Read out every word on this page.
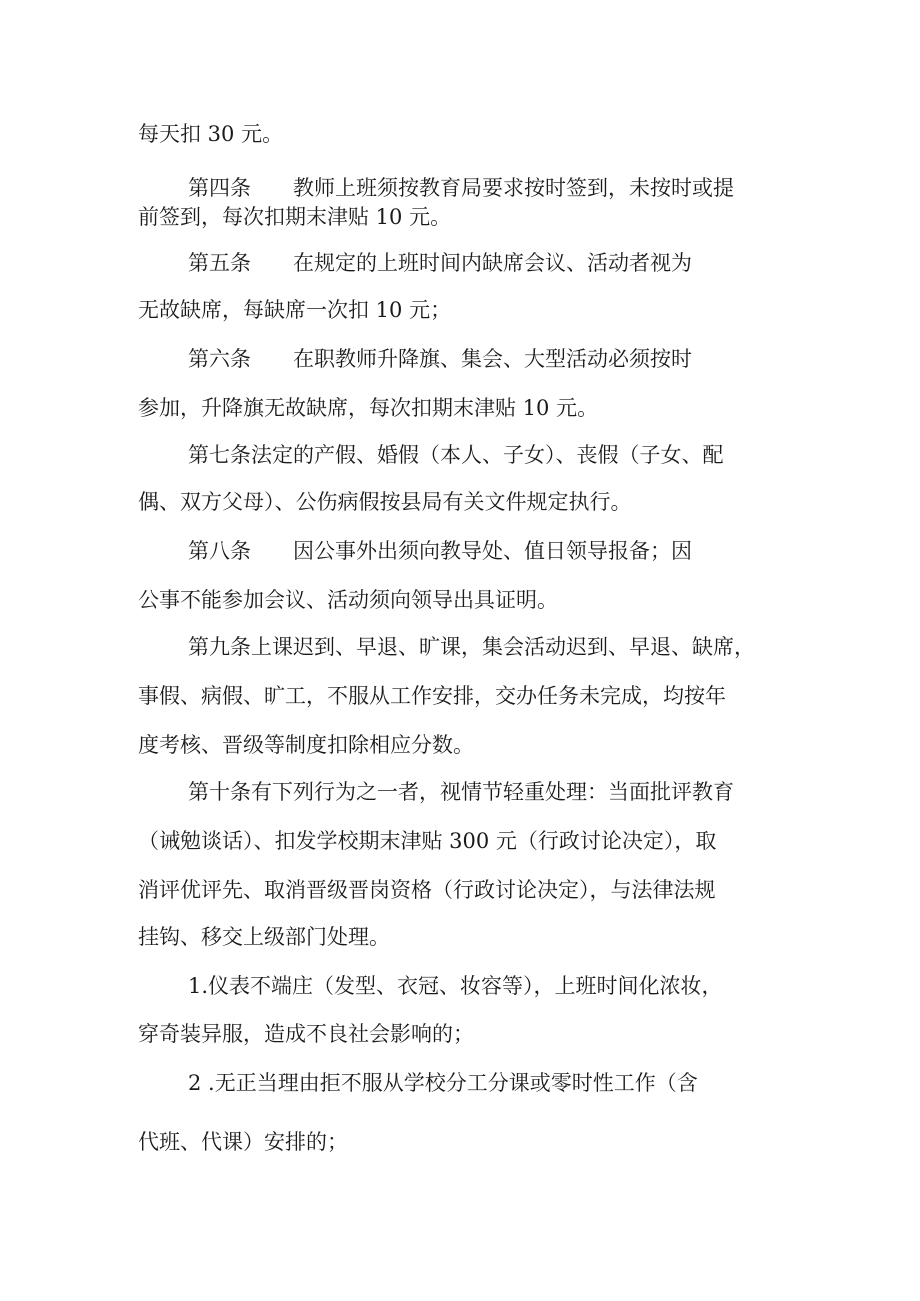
每天扣 30 元。
第四条　　教师上班须按教育局要求按时签到，未按时或提
前签到，每次扣期末津贴 10 元。
第五条　　在规定的上班时间内缺席会议、活动者视为
无故缺席，每缺席一次扣 10 元；
第六条　　在职教师升降旗、集会、大型活动必须按时
参加，升降旗无故缺席，每次扣期末津贴 10 元。
第七条法定的产假、婚假（本人、子女）、丧假（子女、配
偶、双方父母）、公伤病假按县局有关文件规定执行。
第八条　　因公事外出须向教导处、值日领导报备；因
公事不能参加会议、活动须向领导出具证明。
第九条上课迟到、早退、旷课，集会活动迟到、早退、缺席，
事假、病假、旷工，不服从工作安排，交办任务未完成，均按年
度考核、晋级等制度扣除相应分数。
第十条有下列行为之一者，视情节轻重处理：当面批评教育
（诫勉谈话）、扣发学校期末津贴 300 元（行政讨论决定），取
消评优评先、取消晋级晋岗资格（行政讨论决定），与法律法规
挂钩、移交上级部门处理。
1.仪表不端庄（发型、衣冠、妆容等），上班时间化浓妆，
穿奇装异服，造成不良社会影响的；
2 .无正当理由拒不服从学校分工分课或零时性工作（含
代班、代课）安排的；
